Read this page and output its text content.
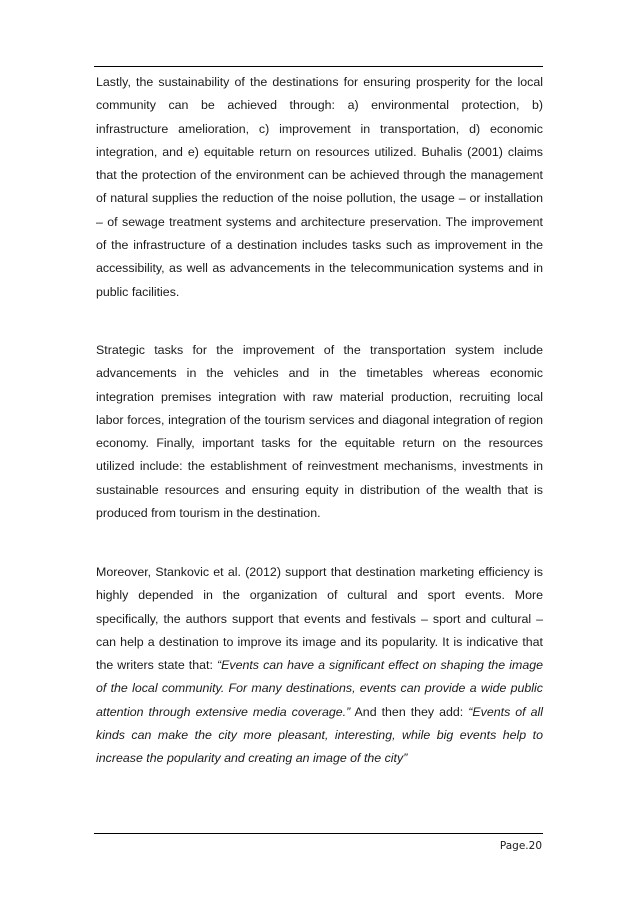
Lastly, the sustainability of the destinations for ensuring prosperity for the local community can be achieved through: a) environmental protection, b) infrastructure amelioration, c) improvement in transportation, d) economic integration, and e) equitable return on resources utilized. Buhalis (2001) claims that the protection of the environment can be achieved through the management of natural supplies the reduction of the noise pollution, the usage – or installation – of sewage treatment systems and architecture preservation. The improvement of the infrastructure of a destination includes tasks such as improvement in the accessibility, as well as advancements in the telecommunication systems and in public facilities.

Strategic tasks for the improvement of the transportation system include advancements in the vehicles and in the timetables whereas economic integration premises integration with raw material production, recruiting local labor forces, integration of the tourism services and diagonal integration of region economy. Finally, important tasks for the equitable return on the resources utilized include: the establishment of reinvestment mechanisms, investments in sustainable resources and ensuring equity in distribution of the wealth that is produced from tourism in the destination.

Moreover, Stankovic et al. (2012) support that destination marketing efficiency is highly depended in the organization of cultural and sport events. More specifically, the authors support that events and festivals – sport and cultural – can help a destination to improve its image and its popularity. It is indicative that the writers state that: “Events can have a significant effect on shaping the image of the local community. For many destinations, events can provide a wide public attention through extensive media coverage.” And then they add: “Events of all kinds can make the city more pleasant, interesting, while big events help to increase the popularity and creating an image of the city”

Page.20
